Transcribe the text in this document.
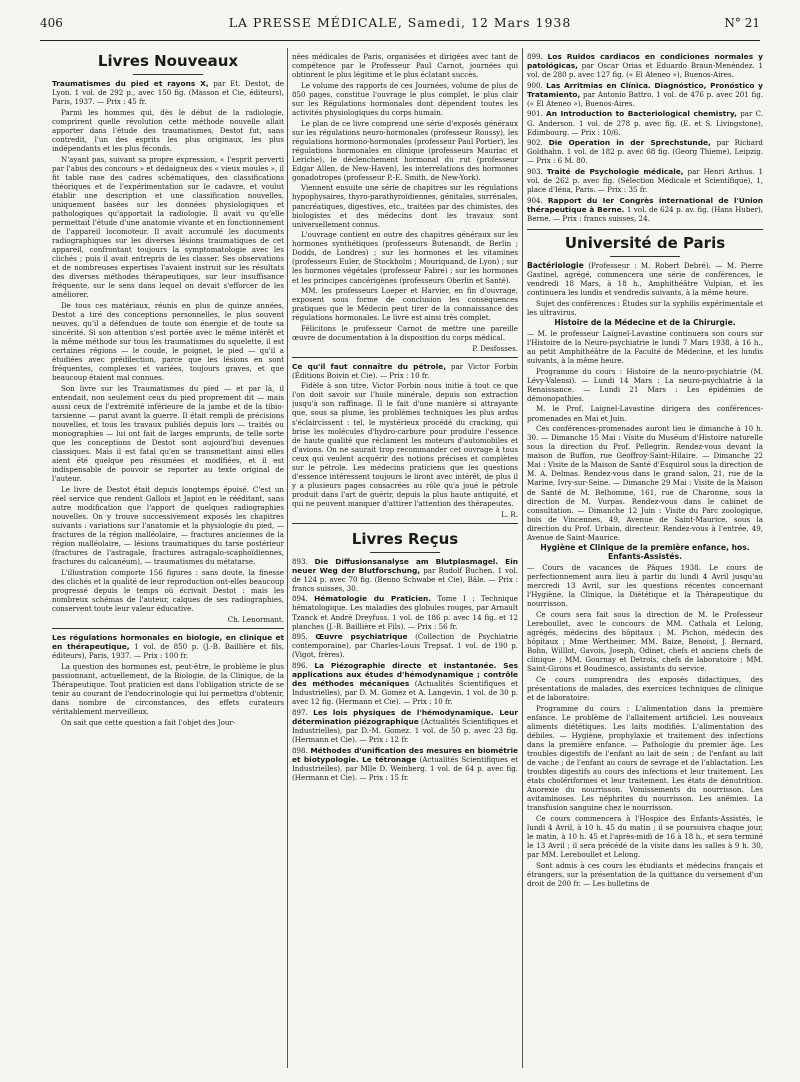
406	LA PRESSE MÉDICALE, Samedi, 12 Mars 1938	N° 21
Livres Nouveaux

Traumatismes du pied et rayons X, par Et. Destot, de Lyon. 1 vol. de 292 p., avec 150 fig. (Masson et Cie, éditeurs), Paris, 1937. — Prix : 45 fr.

Parmi les hommes qui, dès le début de la radiologie, comprirent quelle révolution cette méthode nouvelle allait apporter dans l'étude des traumatismes, Destot fut, sans contredit, l'un des esprits les plus originaux, les plus indépendants et les plus féconds.

N'ayant pas, suivant sa propre expression, « l'esprit perverti par l'abus des concours » et dédaigneux des « vieux moules », il fit table rase des cadres schématiques, des classifications théoriques et de l'expérimentation sur le cadavre, et voulut établir une description et une classification nouvelles, uniquement basées sur les données physiologiques et pathologiques qu'apportait la radiologie. Il avait vu qu'elle permettait l'étude d'une anatomie vivante et en fonctionnement de l'appareil locomoteur. Il avait accumulé les documents radiographiques sur les diverses lésions traumatiques de cet appareil, confrontant toujours la symptomatologie avec les clichés ; puis il avait entrepris de les classer. Ses observations et de nombreuses expertises l'avaient instruit sur les résultats des diverses méthodes thérapeutiques, sur leur insuffisance fréquente, sur le sens dans lequel on devait s'efforcer de les améliorer.

De tous ces matériaux, réunis en plus de quinze années, Destot a tiré des conceptions personnelles, le plus souvent neuves, qu'il a défendues de toute son énergie et de toute sa sincérité. Si son attention s'est portée avec le même intérêt et la même méthode sur tous les traumatismes du squelette, il est certaines régions — le coude, le poignet, le pied — qu'il a étudiées avec prédilection, parce que les lésions en sont fréquentes, complexes et variées, toujours graves, et que beaucoup étaient mal connues.

Son livre sur les Traumatismes du pied — et par là, il entendait, non seulement ceux du pied proprement dit — mais aussi ceux de l'extrémité inférieure de la jambe et de la tibio-tarsienne — parut avant la guerre. Il était rempli de précisions nouvelles, et tous les travaux publiés depuis lors — traités ou monographies — lui ont fait de larges emprunts, de telle sorte que les conceptions de Destot sont aujourd'hui devenues classiques. Mais il est fatal qu'en se transmettant ainsi elles aient été quelque peu résumées et modifiées, et il est indispensable de pouvoir se reporter au texte original de l'auteur.

Le livre de Destot était depuis longtemps épuisé. C'est un réel service que rendent Gallois et Japiot en le rééditant, sans autre modification que l'apport de quelques radiographies nouvelles. On y trouve successivement exposés les chapitres suivants : variations sur l'anatomie et la physiologie du pied, — fractures de la région malléolaire, — fractures anciennes de la région malléolaire, — lésions traumatiques du tarse postérieur (fractures de l'astragale, fractures astragalo-scaphoïdiennes, fractures du calcanéum), — traumatismes du métatarse.

L'illustration comporte 156 figures : sans doute, la finesse des clichés et la qualité de leur reproduction ont-elles beaucoup progressé depuis le temps où écrivait Destot : mais les nombreux schémas de l'auteur, calques de ses radiographies, conservent toute leur valeur éducative.

Ch. Lenormant.

Les régulations hormonales en biologie, en clinique et en thérapeutique, 1 vol. de 850 p. (J.-B. Baillière et fils, éditeurs), Paris, 1937. — Prix : 100 fr.

La question des hormones est, peut-être, le problème le plus passionnant, actuellement, de la Biologie, de la Clinique, de la Thérapeutique. Tout praticien est dans l'obligation stricte de se tenir au courant de l'endocrinologie qui lui permettra d'obtenir, dans nombre de circonstances, des effets curateurs véritablement merveilleux.

On sait que cette question a fait l'objet des Jour-

nées médicales de Paris, organisées et dirigées avec tant de compétence par le Professeur Paul Carnot, journées qui obtinrent le plus légitime et le plus éclatant succès.

Le volume des rapports de ces Journées, volume de plus de 850 pages, constitue l'ouvrage le plus complet, le plus clair sur les Régulations hormonales dont dépendent toutes les activités physiologiques du corps humain.

Le plan de ce livre comprend une série d'exposés généraux sur les régulations neuro-hormonales (professeur Roussy), les régulations hormono-hormonales (professeur Paul Portier), les régulations hormonales en clinique (professeurs Mauriac et Leriche), le déclenchement hormonal du rut (professeur Edgar Allen, de New-Haven), les interrelations des hormones gonadotropes (professeur P.-E. Smith, de New-York).

Viennent ensuite une série de chapitres sur les régulations hypophysaires, thyro-parathyroïdiennes, génitales, surrénales, pancréatiques, digestives, etc., traitées par des chimistes, des biologistes et des médecins dont les travaux sont universellement connus.

L'ouvrage contient en outre des chapitres généraux sur les hormones synthétiques (professeurs Butenandt, de Berlin ; Dodds, de Londres) ; sur les hormones et les vitamines (professeurs Euler, de Stockholm ; Mouriquand, de Lyon) ; sur les hormones végétales (professeur Fabre) ; sur les hormones et les principes cancérigènes (professeurs Oberlin et Santé).

MM. les professeurs Loeper et Harvier, en fin d'ouvrage, exposent sous forme de conclusion les conséquences pratiques que le Médecin peut tirer de la connaissance des régulations hormonales. Le livre est ainsi très complet.

Félicitons le professeur Carnot de mettre une pareille œuvre de documentation à la disposition du corps médical.

P. Desfosses.

Ce qu'il faut connaître du pétrole, par Victor Forbin (Éditions Boivin et Cie). — Prix : 10 fr.

Fidèle à son titre, Victor Forbin nous initie à tout ce que l'on doit savoir sur l'huile minérale, depuis son extraction jusqu'à son raffinage. Il le fait d'une manière si attrayante que, sous sa plume, les problèmes techniques les plus ardus s'éclaircissent : tel, le mystérieux procédé du cracking, qui brise les molécules d'hydro-carbure pour produire l'essence de haute qualité que réclament les moteurs d'automobiles et d'avions. On ne saurait trop recommander cet ouvrage à tous ceux qui veulent acquérir des notions précises et complètes sur le pétrole. Les médecins praticiens que les questions d'essence intéressent toujours le liront avec intérêt, de plus il y a plusieurs pages consacrées au rôle qu'a joué le pétrole produit dans l'art de guérir, depuis la plus haute antiquité, et qui ne peuvent manquer d'attirer l'attention des thérapeutes.

L. R.

Livres Reçus

893. Die Diffusionsanalyse am Blutplasmagel. Ein neuer Weg der Blutforschung, par Rudolf Buchen. 1 vol. de 124 p. avec 70 fig. (Benno Schwabe et Cie), Bâle. — Prix : francs suisses, 30.

894. Hématologie du Praticien. Tome I : Technique hématologique. Les maladies des globules rouges, par Arnault Tzanck et André Dreyfuss. 1 vol. de 186 p. avec 14 fig. et 12 planches (J.-B. Baillière et Fils). — Prix : 56 fr.

895. Œuvre psychiatrique (Collection de Psychiatrie contemporaine), par Charles-Louis Trepsat. 1 vol. de 190 p. (Vigot, frères).

896. La Piézographie directe et instantanée. Ses applications aux études d'hémodynamique ; contrôle des méthodes mécaniques (Actualités Scientifiques et Industrielles), par D. M. Gomez et A. Langevin. 1 vol. de 30 p. avec 12 fig. (Hermann et Cie). — Prix : 10 fr.

897. Les lois physiques de l'hémodynamique. Leur détermination piézographique (Actualités Scientifiques et Industrielles), par D.-M. Gomez. 1 vol. de 50 p. avec 23 fig. (Hermann et Cie). — Prix : 12 fr.

898. Méthodes d'unification des mesures en biométrie et biotypologie. Le tétronage (Actualités Scientifiques et Industrielles), par Mlle D. Weinberg. 1 vol. de 64 p. avec fig. (Hermann et Cie). — Prix : 15 fr.

899. Los Ruidos cardiacos en condiciones normales y patológicas, par Oscar Orias et Eduardo Braun-Menéndez. 1 vol. de 280 p. avec 127 fig. (« El Ateneo »), Buenos-Aires.

900. Las Arritmias en Clínica. Diagnóstico, Pronóstico y Tratamiento, par Antonio Battro. 1 vol. de 476 p. avec 201 fig. (« El Ateneo »), Buenos-Aires.

901. An Introduction to Bacteriological chemistry, par C. G. Anderson. 1 vol. de 278 p. avec fig. (E. et S. Livingstone), Edimbourg. — Prix : 10/6.

902. Die Operation in der Sprechstunde, par Richard Goldhahn. 1 vol. de 182 p. avec 68 fig. (Georg Thieme), Leipzig. — Prix : 6 M. 80.

903. Traité de Psychologie médicale, par Henri Arthus. 1 vol. de 262 p. avec fig. (Sélection Médicale et Scientifique), 1, place d'Iéna, Paris. — Prix : 35 fr.

904. Rapport du Ier Congrès international de l'Union thérapeutique à Berne. 1 vol. de 624 p. av. fig. (Hans Huber), Berne. — Prix : francs suisses, 24.

Université de Paris

Bactériologie (Professeur : M. Robert Debré). — M. Pierre Gastinel, agrégé, commencera une série de conférences, le vendredi 18 Mars, à 18 h., Amphithéâtre Vulpian, et les continuera les lundis et vendredis suivants, à la même heure.

Sujet des conférences : Études sur la syphilis expérimentale et les ultravirus.

Histoire de la Médecine et de la Chirurgie.

— M. le professeur Laignel-Lavastine continuera son cours sur l'Histoire de la Neuro-psychiatrie le lundi 7 Mars 1938, à 16 h., au petit Amphithéâtre de la Faculté de Médecine, et les lundis suivants, à la même heure.

Programme du cours : Histoire de la neuro-psychiatrie (M. Lévy-Valensi). — Lundi 14 Mars : La neuro-psychiatrie à la Renaissance. — Lundi 21 Mars : Les épidémies de démonopathies.

M. le Prof. Laignel-Lavastine dirigera des conférences-promenades en Mai et Juin.

Ces conférences-promenades auront lieu le dimanche à 10 h. 30. — Dimanche 15 Mai : Visite du Muséum d'Histoire naturelle sous la direction du Prof. Pellegrin. Rendez-vous devant la maison de Buffon, rue Geoffroy-Saint-Hilaire. — Dimanche 22 Mai : Visite de la Maison de Santé d'Esquirol sous la direction de M. A. Delmas. Rendez-vous dans le grand salon, 21, rue de la Marine, Ivry-sur-Seine. — Dimanche 29 Mai : Visite de la Maison de Santé de M. Belhomme, 161, rue de Charonne, sous la direction de M. Vurpas. Rendez-vous dans le cabinet de consultation. — Dimanche 12 Juin : Visite du Parc zoologique, bois de Vincennes, 49, Avenue de Saint-Maurice, sous la direction du Prof. Urbain, directeur. Rendez-vous à l'entrée, 49, Avenue de Saint-Maurice.

Hygiène et Clinique de la première enfance, hos. Enfants-Assistés.

— Cours de vacances de Pâques 1938. Le cours de perfectionnement aura lieu à partir du lundi 4 Avril jusqu'au mercredi 13 Avril, sur les questions récentes concernant l'Hygiène, la Clinique, la Diététique et la Thérapeutique du nourrisson.

Ce cours sera fait sous la direction de M. le Professeur Lereboullet, avec le concours de MM. Cathala et Lelong, agrégés, médecins des hôpitaux ; M. Pichon, médecin des hôpitaux ; Mme Wertheimer, MM. Baize, Benoist, J. Bernard, Bohn, Willlot, Gavois, Joseph, Odinet, chefs et anciens chefs de clinique ; MM. Gournay et Detrois, chefs de laboratoire ; MM. Saint-Girons et Boudinesco, assistants du service.

Ce cours comprendra des exposés didactiques, des présentations de malades, des exercices techniques de clinique et de laboratoire.

Programme du cours : L'alimentation dans la première enfance. Le problème de l'allaitement artificiel. Les nouveaux aliments diététiques. Les laits modifiés. L'alimentation des débiles. — Hygiène, prophylaxie et traitement des infections dans la première enfance. — Pathologie du premier âge. Les troubles digestifs de l'enfant au lait de sein ; de l'enfant au lait de vache ; de l'enfant au cours de sevrage et de l'ablactation. Les troubles digestifs au cours des infections et leur traitement. Les états cholériformes et leur traitement. Les états de dénutrition. Anorexie du nourrisson. Vomissements du nourrisson. Les avitaminoses. Les néphrites du nourrisson. Les anémies. La transfusion sanguine chez le nourrisson.

Ce cours commencera à l'Hospice des Enfants-Assistés, le lundi 4 Avril, à 10 h. 45 du matin ; il se poursuivra chaque jour, le matin, à 10 h. 45 et l'après-midi de 16 à 18 h., et sera terminé le 13 Avril ; il sera précédé de la visite dans les salles à 9 h. 30, par MM. Lereboullet et Lelong.

Sont admis à ces cours les étudiants et médecins français et étrangers, sur la présentation de la quittance du versement d'un droit de 200 fr. — Les bulletins de
